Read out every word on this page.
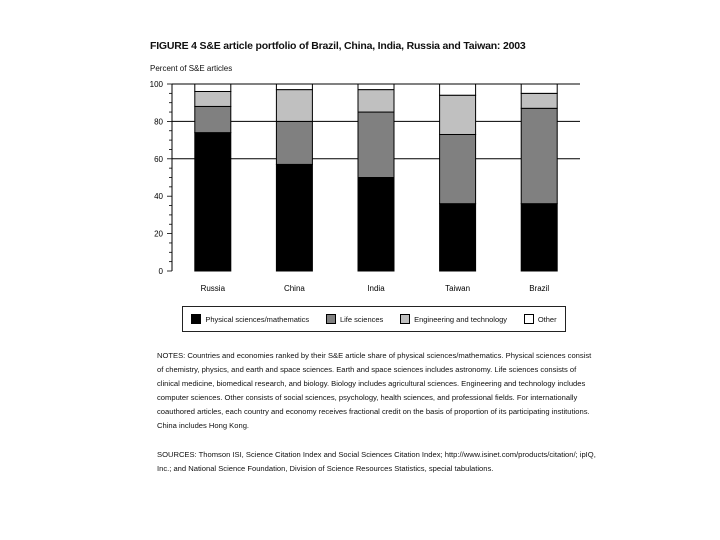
FIGURE 4 S&E article portfolio of Brazil, China, India, Russia and Taiwan: 2003
Percent of S&E articles
0
20
40
60
80
100
Russia	China	India	Taiwan	Brazil
Physical sciences/mathematics	Life sciences	Engineering and technology	Other
NOTES: Countries and economies ranked by their S&E article share of physical sciences/mathematics. Physical sciences consist of chemistry, physics, and earth and space sciences. Earth and space sciences includes astronomy. Life sciences consists of clinical medicine, biomedical research, and biology. Biology includes agricultural sciences. Engineering and technology includes computer sciences. Other consists of social sciences, psychology, health sciences, and professional fields. For internationally coauthored articles, each country and economy receives fractional credit on the basis of proportion of its participating institutions. China includes Hong Kong.
SOURCES: Thomson ISI, Science Citation Index and Social Sciences Citation Index; http://www.isinet.com/products/citation/; ipIQ, Inc.; and National Science Foundation, Division of Science Resources Statistics, special tabulations.
